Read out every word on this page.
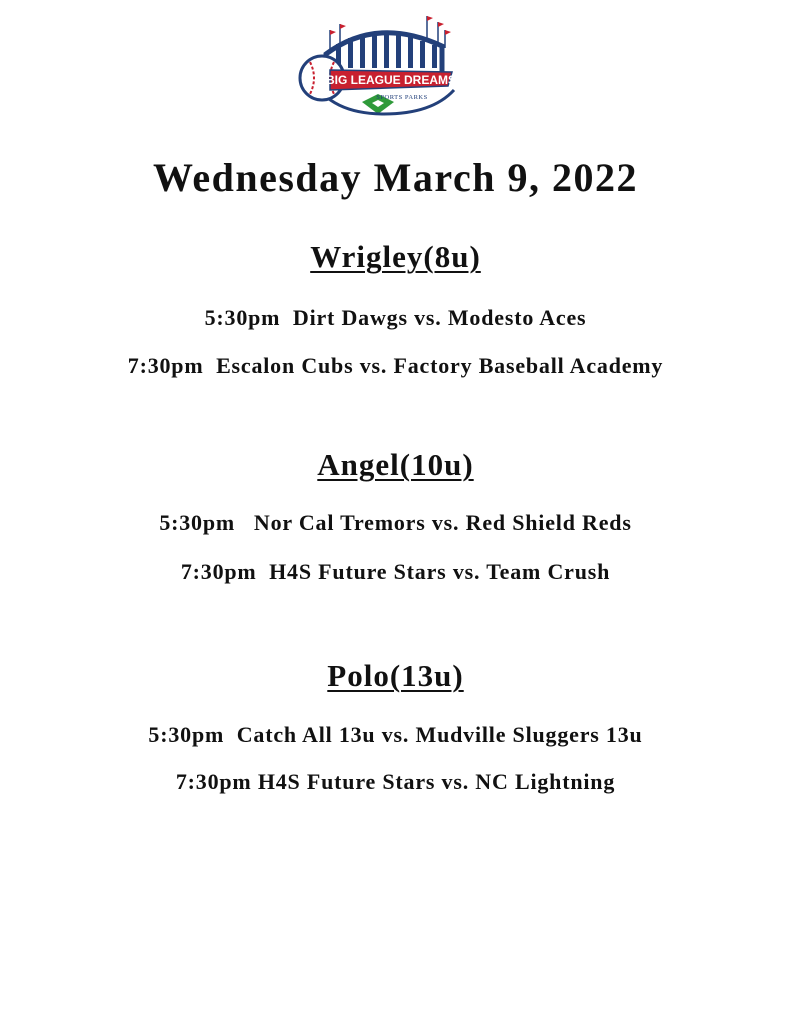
BIG LEAGUE DREAMS
SPORTS PARKS
Wednesday March 9, 2022
Wrigley(8u)
5:30pm  Dirt Dawgs vs. Modesto Aces
7:30pm  Escalon Cubs vs. Factory Baseball Academy
Angel(10u)
5:30pm   Nor Cal Tremors vs. Red Shield Reds
7:30pm  H4S Future Stars vs. Team Crush
Polo(13u)
5:30pm  Catch All 13u vs. Mudville Sluggers 13u
7:30pm H4S Future Stars vs. NC Lightning
